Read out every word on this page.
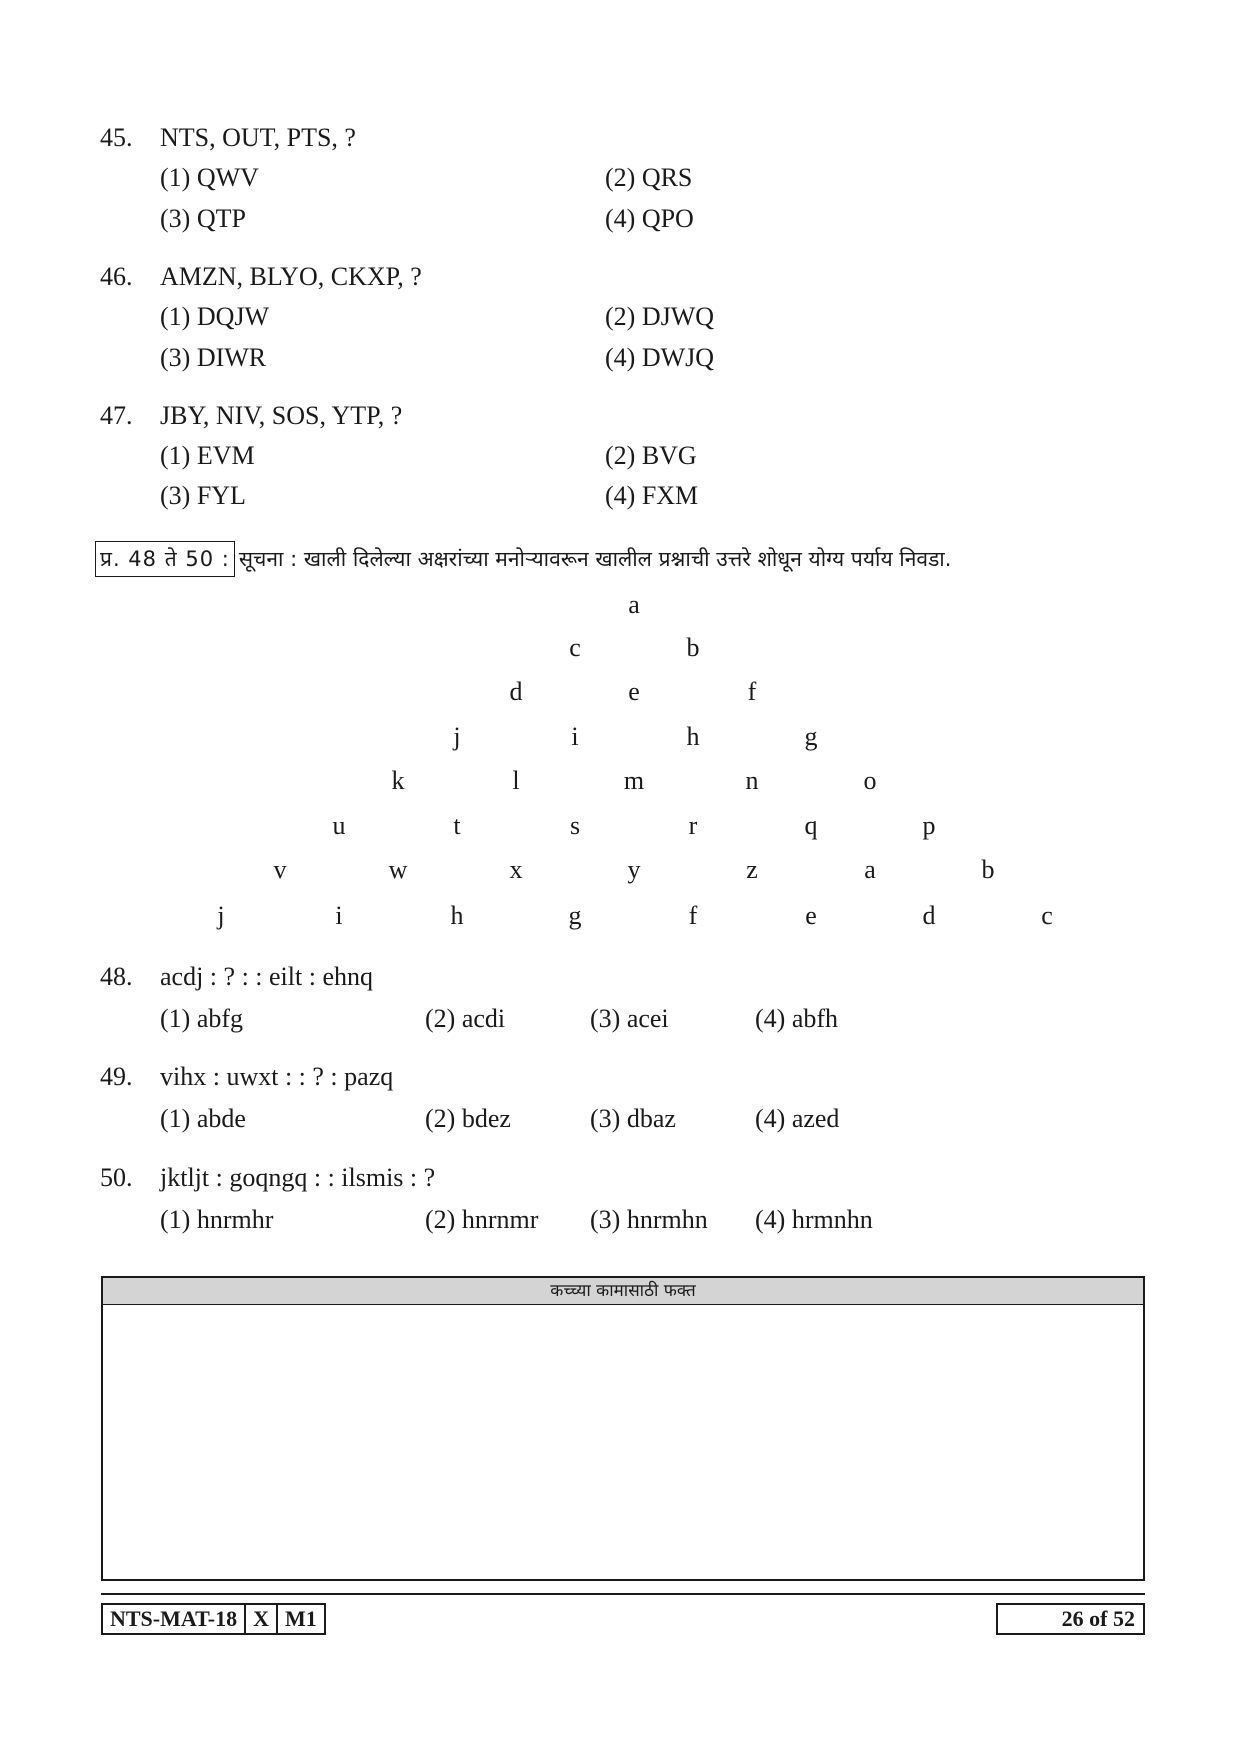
45. NTS, OUT, PTS, ?
(1) QWV	(2) QRS
(3) QTP	(4) QPO
46. AMZN, BLYO, CKXP, ?
(1) DQJW	(2) DJWQ
(3) DIWR	(4) DWJQ
47. JBY, NIV, SOS, YTP, ?
(1) EVM	(2) BVG
(3) FYL	(4) FXM
प्र. 48 ते 50 : सूचना : खाली दिलेल्या अक्षरांच्या मनोऱ्यावरून खालील प्रश्नाची उत्तरे शोधून योग्य पर्याय निवडा.
a
c	b
d	e	f
j	i	h	g
k	l	m	n	o
u	t	s	r	q	p
v	w	x	y	z	a	b
j	i	h	g	f	e	d	c
48. acdj : ? : : eilt : ehnq
(1) abfg	(2) acdi	(3) acei	(4) abfh
49. vihx : uwxt : : ? : pazq
(1) abde	(2) bdez	(3) dbaz	(4) azed
50. jktljt : goqngq : : ilsmis : ?
(1) hnrmhr	(2) hnrnmr (3) hnrmhn (4) hrmnhn
कच्च्या कामासाठी फक्त
NTS-MAT-18 X M1	26 of 52
